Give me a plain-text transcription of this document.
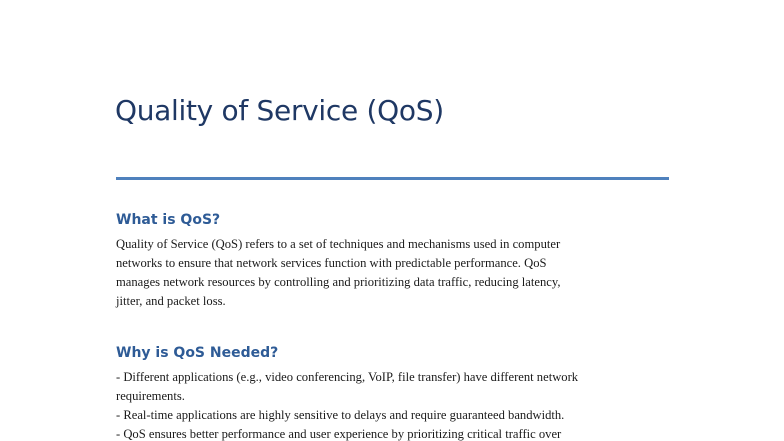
Quality of Service (QoS)
What is QoS?

Quality of Service (QoS) refers to a set of techniques and mechanisms used in computer
networks to ensure that network services function with predictable performance. QoS
manages network resources by controlling and prioritizing data traffic, reducing latency,
jitter, and packet loss.

Why is QoS Needed?
- Different applications (e.g., video conferencing, VoIP, file transfer) have different network
requirements.
- Real-time applications are highly sensitive to delays and require guaranteed bandwidth.
- QoS ensures better performance and user experience by prioritizing critical traffic over
